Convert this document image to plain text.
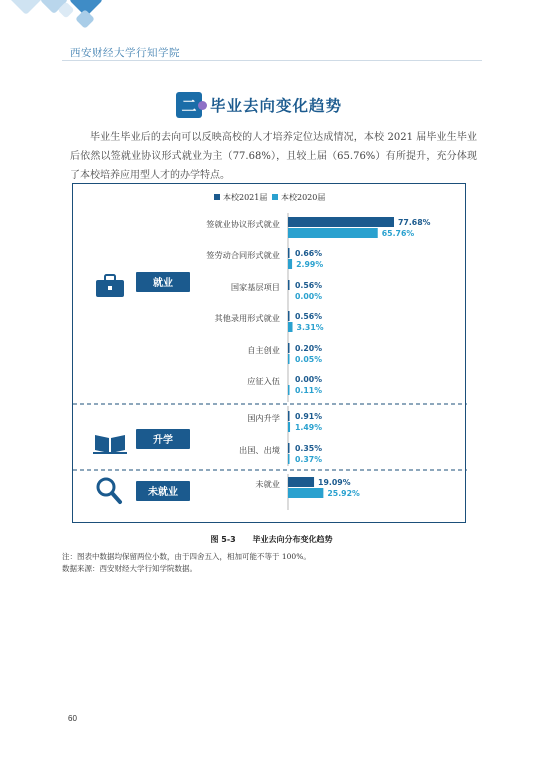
西安财经大学行知学院
二 毕业去向变化趋势
毕业生毕业后的去向可以反映高校的人才培养定位达成情况，本校 2021 届毕业生毕业后依然以签就业协议形式就业为主（77.68%），且较上届（65.76%）有所提升，充分体现了本校培养应用型人才的办学特点。
本校2021届 本校2020届
签就业协议形式就业	77.68%
65.76%
签劳动合同形式就业 0.66%
2.99%
国家基层项目 0.56%
0.00%
其他录用形式就业 0.56%
3.31%
自主创业 0.20%
0.05%
应征入伍 0.00%
0.11%
国内升学 0.91%
1.49%
出国、出境 0.35%
0.37%
未就业	19.09%
25.92%
就业
升学
未就业
图 5-3 毕业去向分布变化趋势
注：图表中数据均保留两位小数，由于四舍五入，相加可能不等于 100%。
数据来源：西安财经大学行知学院数据。
60
